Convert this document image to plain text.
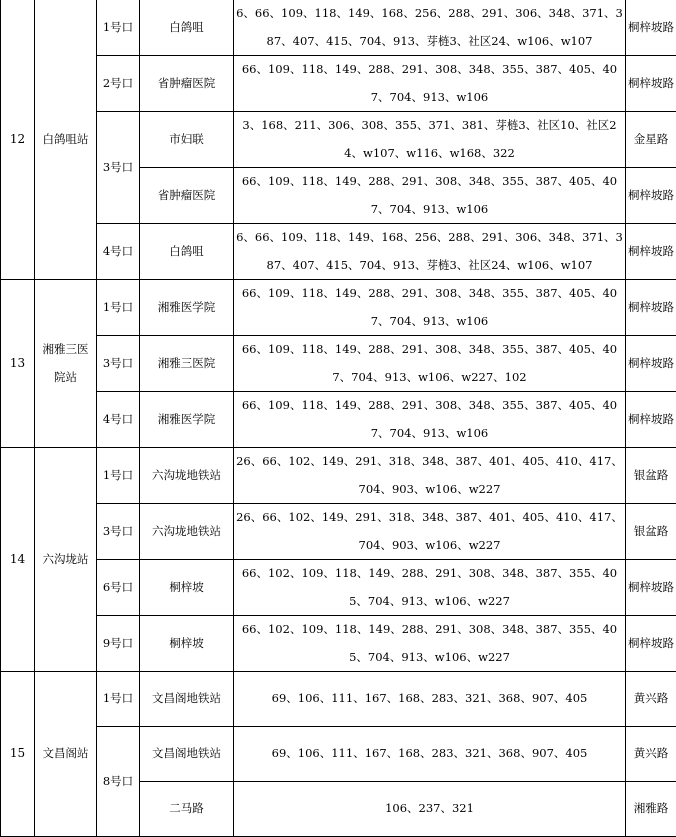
12	白鸽咀站	1号口	白鸽咀	6、66、109、118、149、168、256、288、291、306、348、371、387、407、415、704、913、芽梿3、社区24、w106、w107	桐梓坡路
		2号口	省肿瘤医院	66、109、118、149、288、291、308、348、355、387、405、407、704、913、w106	桐梓坡路
		3号口	市妇联	3、168、211、306、308、355、371、381、芽梿3、社区10、社区24、w107、w116、w168、322	金星路
			省肿瘤医院	66、109、118、149、288、291、308、348、355、387、405、407、704、913、w106	桐梓坡路
		4号口	白鸽咀	6、66、109、118、149、168、256、288、291、306、348、371、387、407、415、704、913、芽梿3、社区24、w106、w107	桐梓坡路
13	湘雅三医院站	1号口	湘雅医学院	66、109、118、149、288、291、308、348、355、387、405、407、704、913、w106	桐梓坡路
		3号口	湘雅三医院	66、109、118、149、288、291、308、348、355、387、405、407、704、913、w106、w227、102	桐梓坡路
		4号口	湘雅医学院	66、109、118、149、288、291、308、348、355、387、405、407、704、913、w106	桐梓坡路
14	六沟垅站	1号口	六沟垅地铁站	26、66、102、149、291、318、348、387、401、405、410、417、704、903、w106、w227	银盆路
		3号口	六沟垅地铁站	26、66、102、149、291、318、348、387、401、405、410、417、704、903、w106、w227	银盆路
		6号口	桐梓坡	66、102、109、118、149、288、291、308、348、387、355、405、704、913、w106、w227	桐梓坡路
		9号口	桐梓坡	66、102、109、118、149、288、291、308、348、387、355、405、704、913、w106、w227	桐梓坡路
15	文昌阁站	1号口	文昌阁地铁站	69、106、111、167、168、283、321、368、907、405	黄兴路
		8号口	文昌阁地铁站	69、106、111、167、168、283、321、368、907、405	黄兴路
			二马路	106、237、321	湘雅路
